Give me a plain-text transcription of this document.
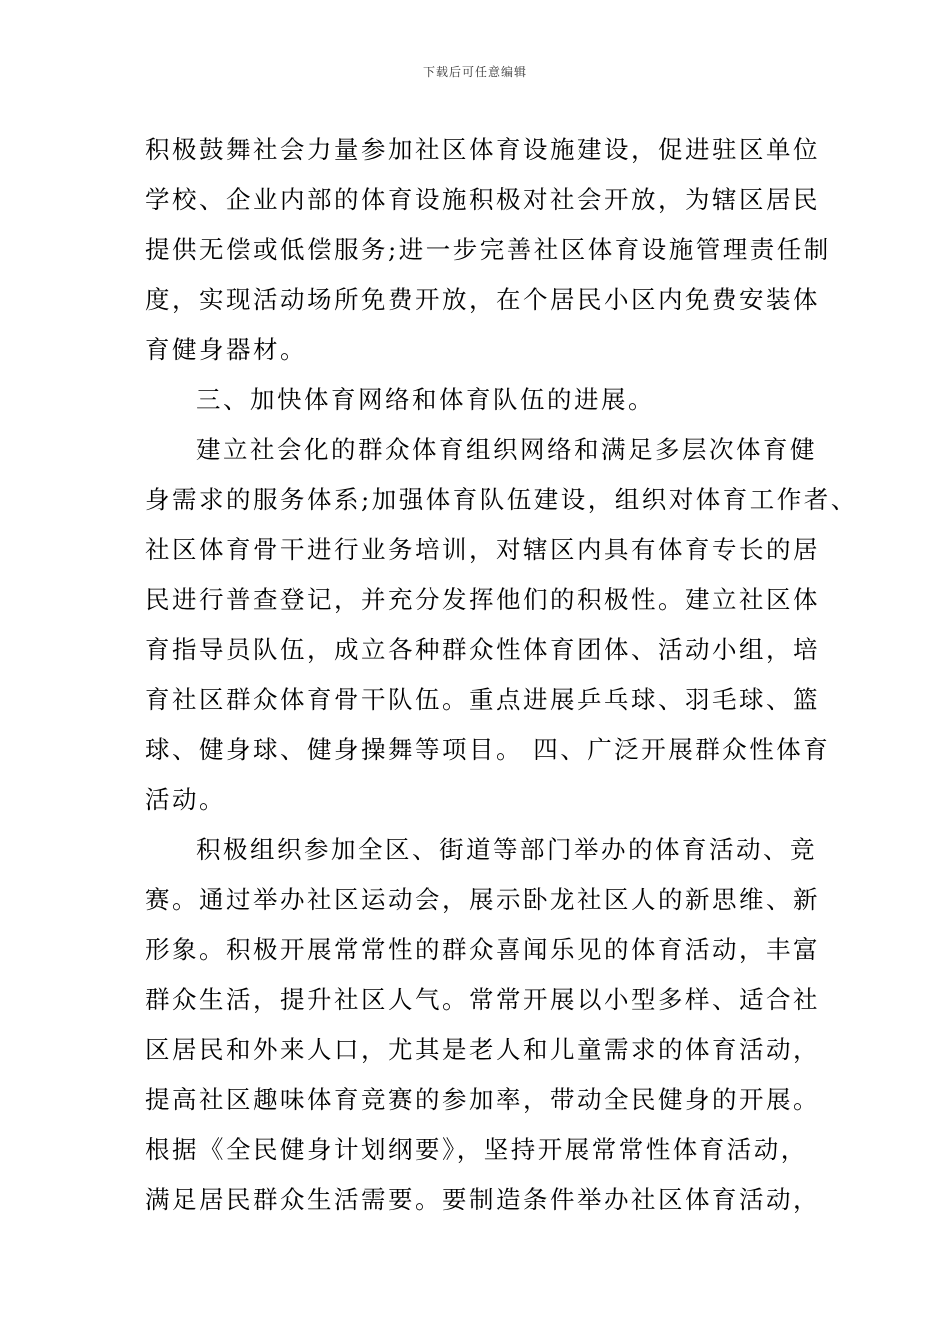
下载后可任意编辑
积极鼓舞社会力量参加社区体育设施建设，促进驻区单位
学校、企业内部的体育设施积极对社会开放，为辖区居民
提供无偿或低偿服务;进一步完善社区体育设施管理责任制
度，实现活动场所免费开放，在个居民小区内免费安装体
育健身器材。
三、加快体育网络和体育队伍的进展。
建立社会化的群众体育组织网络和满足多层次体育健
身需求的服务体系;加强体育队伍建设，组织对体育工作者、
社区体育骨干进行业务培训，对辖区内具有体育专长的居
民进行普查登记，并充分发挥他们的积极性。建立社区体
育指导员队伍，成立各种群众性体育团体、活动小组，培
育社区群众体育骨干队伍。重点进展乒乓球、羽毛球、篮
球、健身球、健身操舞等项目。 四、广泛开展群众性体育
活动。
积极组织参加全区、街道等部门举办的体育活动、竞
赛。通过举办社区运动会，展示卧龙社区人的新思维、新
形象。积极开展常常性的群众喜闻乐见的体育活动，丰富
群众生活，提升社区人气。常常开展以小型多样、适合社
区居民和外来人口，尤其是老人和儿童需求的体育活动，
提高社区趣味体育竞赛的参加率，带动全民健身的开展。
根据《全民健身计划纲要》，坚持开展常常性体育活动，
满足居民群众生活需要。要制造条件举办社区体育活动，
